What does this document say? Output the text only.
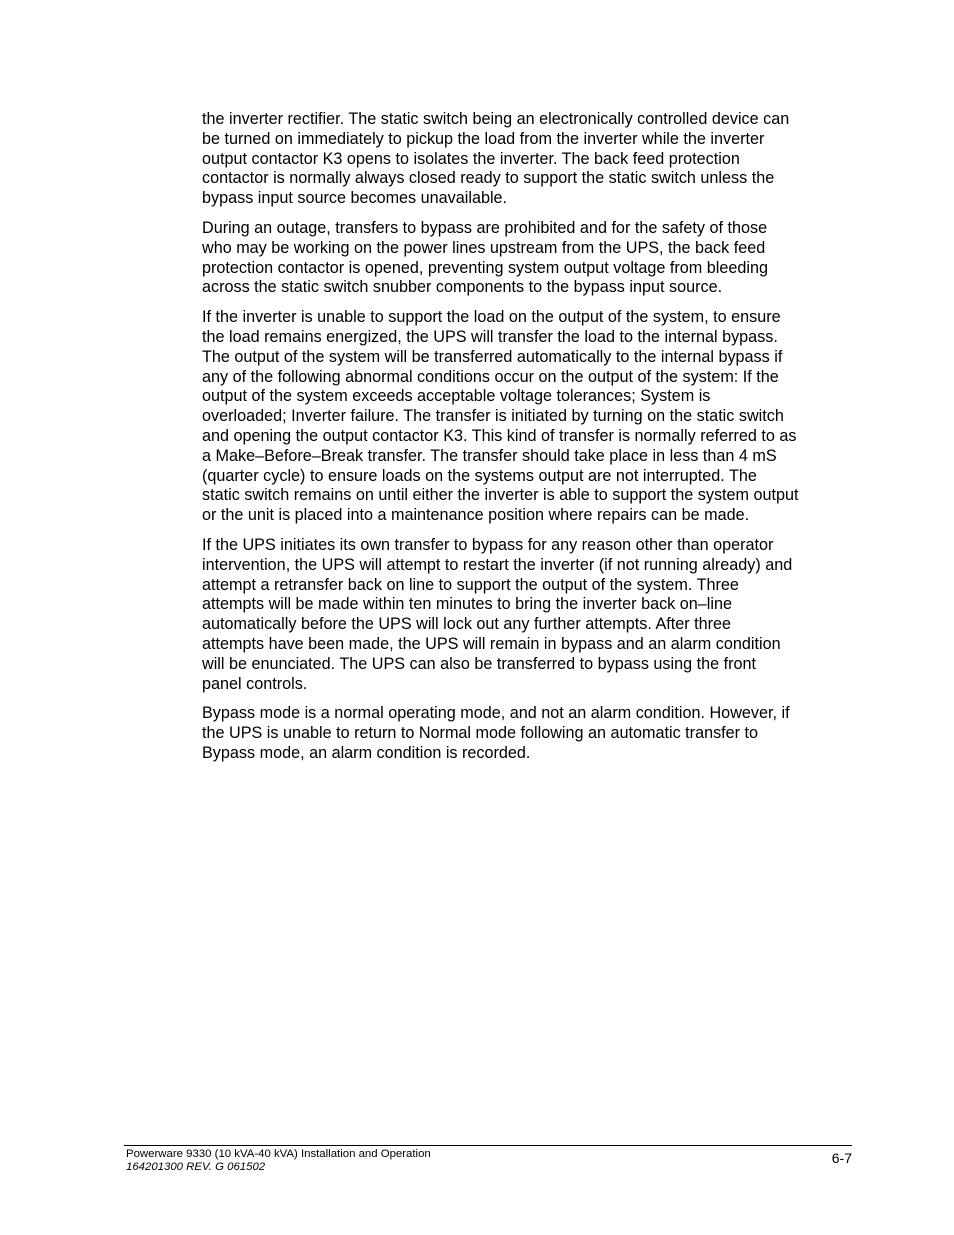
the inverter rectifier. The static switch being an electronically controlled device can
be turned on immediately to pickup the load from the inverter while the inverter
output contactor K3 opens to isolates the inverter. The back feed protection
contactor is normally always closed ready to support the static switch unless the
bypass input source becomes unavailable.

During an outage, transfers to bypass are prohibited and for the safety of those
who may be working on the power lines upstream from the UPS, the back feed
protection contactor is opened, preventing system output voltage from bleeding
across the static switch snubber components to the bypass input source.

If the inverter is unable to support the load on the output of the system, to ensure
the load remains energized, the UPS will transfer the load to the internal bypass.
The output of the system will be transferred automatically to the internal bypass if
any of the following abnormal conditions occur on the output of the system: If the
output of the system exceeds acceptable voltage tolerances; System is
overloaded; Inverter failure. The transfer is initiated by turning on the static switch
and opening the output contactor K3. This kind of transfer is normally referred to as
a Make–Before–Break transfer. The transfer should take place in less than 4 mS
(quarter cycle) to ensure loads on the systems output are not interrupted. The
static switch remains on until either the inverter is able to support the system output
or the unit is placed into a maintenance position where repairs can be made.

If the UPS initiates its own transfer to bypass for any reason other than operator
intervention, the UPS will attempt to restart the inverter (if not running already) and
attempt a retransfer back on line to support the output of the system. Three
attempts will be made within ten minutes to bring the inverter back on–line
automatically before the UPS will lock out any further attempts. After three
attempts have been made, the UPS will remain in bypass and an alarm condition
will be enunciated. The UPS can also be transferred to bypass using the front
panel controls.

Bypass mode is a normal operating mode, and not an alarm condition. However, if
the UPS is unable to return to Normal mode following an automatic transfer to
Bypass mode, an alarm condition is recorded.

Powerware 9330 (10 kVA-40 kVA) Installation and Operation
164201300 REV. G 061502
6-7
